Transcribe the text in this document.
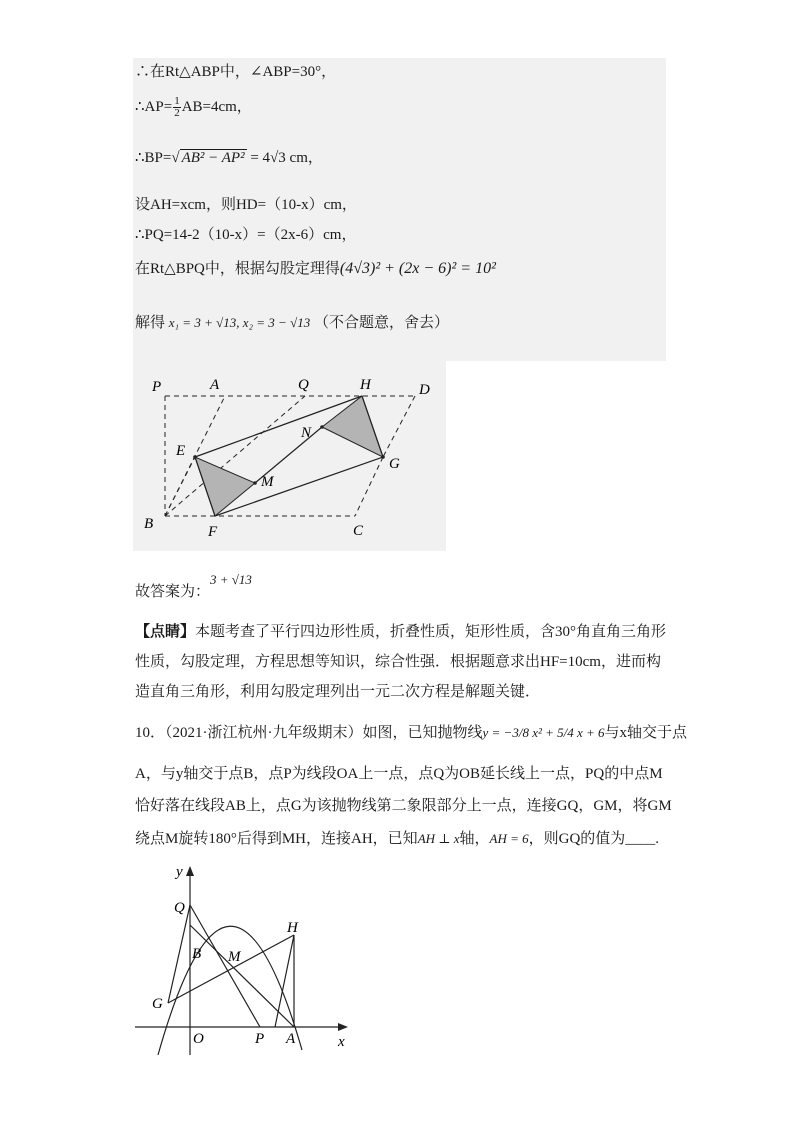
∴在Rt△ABP中，∠ABP=30°，
∴AP= $\frac{1}{2} AB=4cm$，
∴BP=√ AB² − AP² = 4√3 cm，
设AH=xcm，则HD=（10-x）cm，
∴PQ=14-2（10-x）=（2x-6）cm，
在Rt△BPQ中，根据勾股定理得(4√3)² + (2x − 6)² = 10²
解得 x₁ = 3 + √13, x₂ = 3 − √13 （不合题意，舍去）
P	A	Q	H	D
E
N
G
M
B	F	C
故答案为：3 + √13
【点睛】本题考查了平行四边形性质，折叠性质，矩形性质，含30°角直角三角形性质，勾股定理，方程思想等知识，综合性强．根据题意求出HF=10cm，进而构造直角三角形，利用勾股定理列出一元二次方程是解题关键．
10．（2021·浙江杭州·九年级期末）如图，已知抛物线y = −3/8 x² + 5/4 x + 6与x轴交于点
A，与y轴交于点B，点P为线段OA上一点，点Q为OB延长线上一点，PQ的中点M
恰好落在线段AB上，点G为该抛物线第二象限部分上一点，连接GQ，GM，将GM
绕点M旋转180°后得到MH，连接AH，已知AH ⊥ x轴，AH = 6，则GQ的值为____.
y
x
Q
B M
H
G
O	P A
